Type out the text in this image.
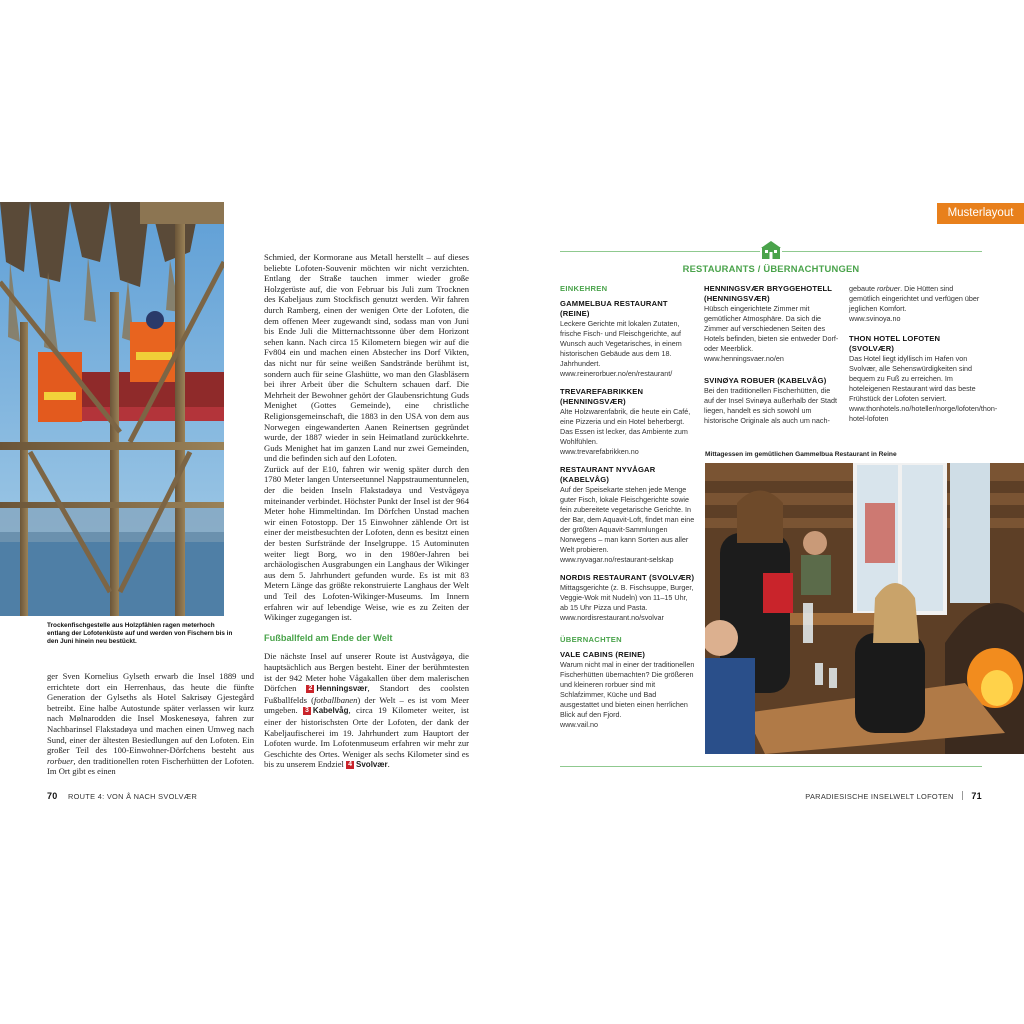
Trockenfischgestelle aus Holzpfählen ragen meterhoch entlang der Lofotenküste auf und werden von Fischern bis in den Juni hinein neu bestückt.
ger Sven Kornelius Gylseth erwarb die Insel 1889 und errichtete dort ein Herrenhaus, das heute die fünfte Generation der Gylseths als Hotel Sakrisøy Gjestegård betreibt. Eine halbe Autostunde später verlassen wir kurz nach Mølnarodden die Insel Moskenesøya, fahren zur Nachbarinsel Flakstadøya und machen einen Umweg nach Sund, einer der ältesten Besiedlungen auf den Lofoten. Ein großer Teil des 100-Einwohner-Dörfchens besteht aus rorbuer, den traditionellen roten Fischerhütten der Lofoten. Im Ort gibt es einen

Schmied, der Kormorane aus Metall herstellt – auf dieses beliebte Lofoten-Souvenir möchten wir nicht verzichten. Entlang der Straße tauchen immer wieder große Holzgerüste auf, die von Februar bis Juli zum Trocknen des Kabeljaus zum Stockfisch genutzt werden. Wir fahren durch Ramberg, einen der wenigen Orte der Lofoten, die dem offenen Meer zugewandt sind, sodass man von Juni bis Ende Juli die Mitternachtssonne über dem Horizont sehen kann. Nach circa 15 Kilometern biegen wir auf die Fv804 ein und machen einen Abstecher ins Dorf Vikten, das nicht nur für seine weißen Sandstrände berühmt ist, sondern auch für seine Glashütte, wo man den Glasbläsern bei ihrer Arbeit über die Schultern schauen darf. Die Mehrheit der Bewohner gehört der Glaubensrichtung Guds Menighet (Gottes Gemeinde), eine christliche Religionsgemeinschaft, die 1883 in den USA von dem aus Norwegen eingewanderten Aanen Reinertsen gegründet wurde, der 1887 wieder in sein Heimatland zurückkehrte. Guds Menighet hat im ganzen Land nur zwei Gemeinden, und die befinden sich auf den Lofoten.

Zurück auf der E10, fahren wir wenig später durch den 1780 Meter langen Unterseetunnel Nappstraumentunnelen, der die beiden Inseln Flakstadøya und Vestvågøya miteinander verbindet. Höchster Punkt der Insel ist der 964 Meter hohe Himmeltindan. Im Dörfchen Unstad machen wir einen Fotostopp. Der 15 Einwohner zählende Ort ist einer der meistbesuchten der Lofoten, denn es besitzt einen der besten Surfstrände der Inselgruppe. 15 Autominuten weiter liegt Borg, wo in den 1980er-Jahren bei archäologischen Ausgrabungen ein Langhaus der Wikinger aus dem 5. Jahrhundert gefunden wurde. Es ist mit 83 Metern Länge das größte rekonstruierte Langhaus der Welt und Teil des Lofoten-Wikinger-Museums. Im Innern erfahren wir auf lebendige Weise, wie es zu Zeiten der Wikinger zugegangen ist.

Fußballfeld am Ende der Welt

Die nächste Insel auf unserer Route ist Austvågøya, die hauptsächlich aus Bergen besteht. Einer der berühmtesten ist der 942 Meter hohe Vågakallen über dem malerischen Dörfchen 2 Henningsvær, Standort des coolsten Fußballfelds (fotballbanen) der Welt – es ist vom Meer umgeben. 3 Kabelvåg, circa 19 Kilometer weiter, ist einer der historischsten Orte der Lofoten, der dank der Kabeljaufischerei im 19. Jahrhundert zum Hauptort der Lofoten wurde. Im Lofotenmuseum erfahren wir mehr zur Geschichte des Ortes. Weniger als sechs Kilometer sind es bis zu unserem Endziel 4 Svolvær.

Musterlayout
RESTAURANTS / ÜBERNACHTUNGEN
EINKEHREN
GAMMELBUA RESTAURANT (REINE)
Leckere Gerichte mit lokalen Zutaten, frische Fisch- und Fleischgerichte, auf Wunsch auch Vegetarisches, in einem historischen Gebäude aus dem 18. Jahrhundert.
www.reinerorbuer.no/en/restaurant/
TREVAREFABRIKKEN (HENNINGSVÆR)
Alte Holzwarenfabrik, die heute ein Café, eine Pizzeria und ein Hotel beherbergt. Das Essen ist lecker, das Ambiente zum Wohlfühlen.
www.trevarefabrikken.no
RESTAURANT NYVÅGAR (KABELVÅG)
Auf der Speisekarte stehen jede Menge guter Fisch, lokale Fleischgerichte sowie fein zubereitete vegetarische Gerichte. In der Bar, dem Aquavit-Loft, findet man eine der größten Aquavit-Sammlungen Norwegens – man kann Sorten aus aller Welt probieren.
www.nyvagar.no/restaurant-selskap
NORDIS RESTAURANT (SVOLVÆR)
Mittagsgerichte (z. B. Fischsuppe, Burger, Veggie-Wok mit Nudeln) von 11–15 Uhr, ab 15 Uhr Pizza und Pasta.
www.nordisrestaurant.no/svolvar
ÜBERNACHTEN
VALE CABINS (REINE)
Warum nicht mal in einer der traditionellen Fischerhütten übernachten? Die größeren und kleineren rorbuer sind mit Schlafzimmer, Küche und Bad ausgestattet und bieten einen herrlichen Blick auf den Fjord.
www.vail.no
HENNINGSVÆR BRYGGEHOTELL (HENNINGSVÆR)
Hübsch eingerichtete Zimmer mit gemütlicher Atmosphäre. Da sich die Zimmer auf verschiedenen Seiten des Hotels befinden, bieten sie entweder Dorf- oder Meerblick.
www.henningsvaer.no/en
SVINØYA ROBUER (KABELVÅG)
Bei den traditionellen Fischerhütten, die auf der Insel Svinøya außerhalb der Stadt liegen, handelt es sich sowohl um historische Originale als auch um nach-
gebaute rorbuer. Die Hütten sind gemütlich eingerichtet und verfügen über jeglichen Komfort.
www.svinoya.no
THON HOTEL LOFOTEN (SVOLVÆR)
Das Hotel liegt idyllisch im Hafen von Svolvær, alle Sehenswürdigkeiten sind bequem zu Fuß zu erreichen. Im hoteleigenen Restaurant wird das beste Frühstück der Lofoten serviert.
www.thonhotels.no/hoteller/norge/lofoten/thon-hotel-lofoten
Mittagessen im gemütlichen Gammelbua Restaurant in Reine
70 ROUTE 4: VON Å NACH SVOLVÆR	PARADIESISCHE INSELWELT LOFOTEN 71
